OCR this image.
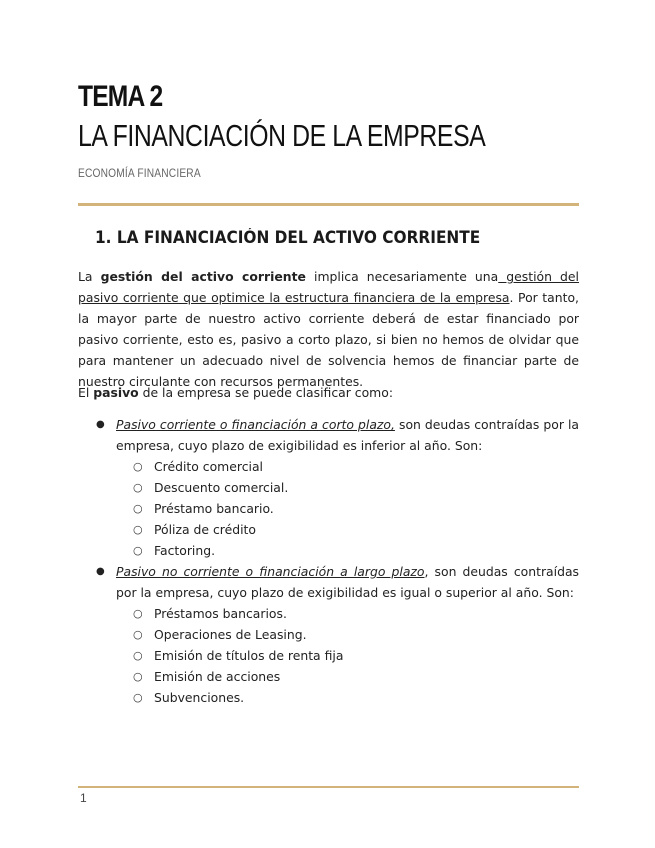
TEMA 2
LA FINANCIACIÓN DE LA EMPRESA
ECONOMÍA FINANCIERA
1. LA FINANCIACIÓN DEL ACTIVO CORRIENTE

La gestión del activo corriente implica necesariamente una gestión del pasivo corriente que optimice la estructura financiera de la empresa. Por tanto, la mayor parte de nuestro activo corriente deberá de estar financiado por pasivo corriente, esto es, pasivo a corto plazo, si bien no hemos de olvidar que para mantener un adecuado nivel de solvencia hemos de financiar parte de nuestro circulante con recursos permanentes.

El pasivo de la empresa se puede clasificar como:

● Pasivo corriente o financiación a corto plazo, son deudas contraídas por la empresa, cuyo plazo de exigibilidad es inferior al año. Son:
○ Crédito comercial
○ Descuento comercial.
○ Préstamo bancario.
○ Póliza de crédito
○ Factoring.
● Pasivo no corriente o financiación a largo plazo, son deudas contraídas por la empresa, cuyo plazo de exigibilidad es igual o superior al año. Son:
○ Préstamos bancarios.
○ Operaciones de Leasing.
○ Emisión de títulos de renta fija
○ Emisión de acciones
○ Subvenciones.
1
